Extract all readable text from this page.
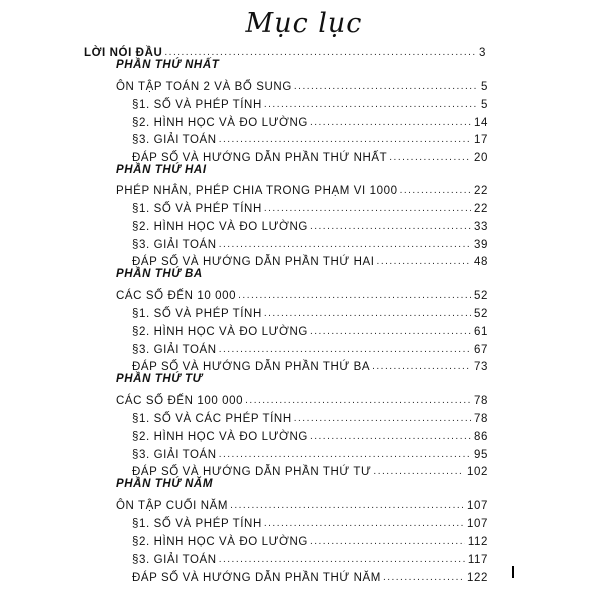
Mục lục
LỜI NÓI ĐẦU .....	3
PHẦN THỨ NHẤT
ÔN TẬP TOÁN 2 VÀ BỔ SUNG .....	5
§1. SỐ VÀ PHÉP TÍNH .....	5
§2. HÌNH HỌC VÀ ĐO LƯỜNG .....	14
§3. GIẢI TOÁN .....	17
ĐÁP SỐ VÀ HƯỚNG DẪN PHẦN THỨ NHẤT .....	20
PHẦN THỨ HAI
PHÉP NHÂN, PHÉP CHIA TRONG PHẠM VI 1000 .....	22
§1. SỐ VÀ PHÉP TÍNH .....	22
§2. HÌNH HỌC VÀ ĐO LƯỜNG .....	33
§3. GIẢI TOÁN .....	39
ĐÁP SỐ VÀ HƯỚNG DẪN PHẦN THỨ HAI .....	48
PHẦN THỨ BA
CÁC SỐ ĐẾN 10 000 .....	52
§1. SỐ VÀ PHÉP TÍNH .....	52
§2. HÌNH HỌC VÀ ĐO LƯỜNG .....	61
§3. GIẢI TOÁN .....	67
ĐÁP SỐ VÀ HƯỚNG DẪN PHẦN THỨ BA .....	73
PHẦN THỨ TƯ
CÁC SỐ ĐẾN 100 000 .....	78
§1. SỐ VÀ CÁC PHÉP TÍNH .....	78
§2. HÌNH HỌC VÀ ĐO LƯỜNG .....	86
§3. GIẢI TOÁN .....	95
ĐÁP SỐ VÀ HƯỚNG DẪN PHẦN THỨ TƯ .....	102
PHẦN THỨ NĂM
ÔN TẬP CUỐI NĂM .....	107
§1. SỐ VÀ PHÉP TÍNH .....	107
§2. HÌNH HỌC VÀ ĐO LƯỜNG .....	112
§3. GIẢI TOÁN .....	117
ĐÁP SỐ VÀ HƯỚNG DẪN PHẦN THỨ NĂM .....	122
